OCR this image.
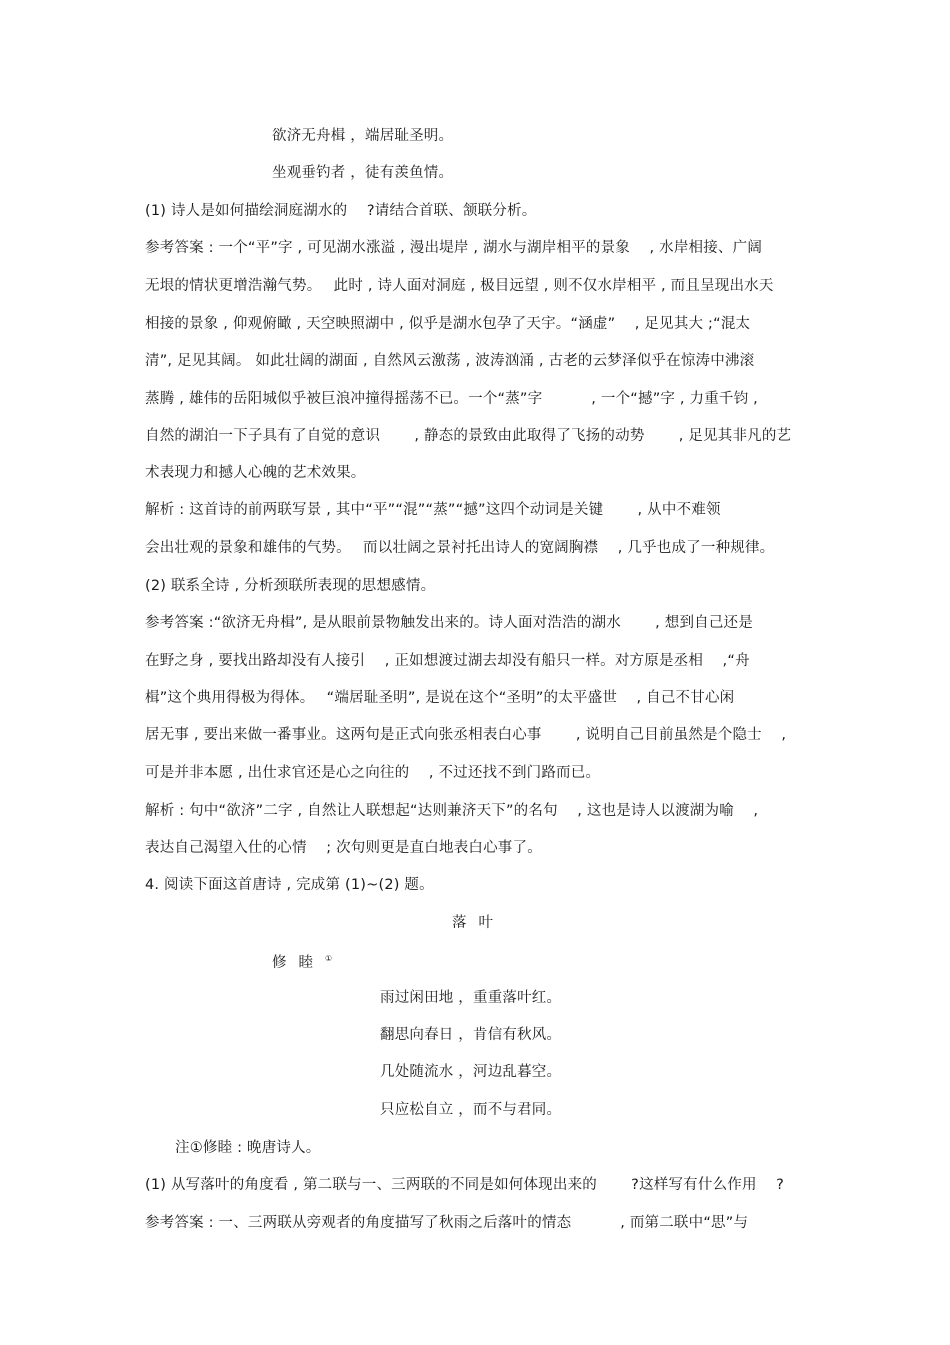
欲济无舟楫 ，端居耻圣明。
坐观垂钓者 ，徒有羡鱼情。
(1) 诗人是如何描绘洞庭湖水的　 ?请结合首联、颔联分析。
参考答案 : 一个“平”字 , 可见湖水涨溢 , 漫出堤岸 , 湖水与湖岸相平的景象　 , 水岸相接、广阔
无垠的情状更增浩瀚气势。　 此时 , 诗人面对洞庭 , 极目远望 , 则不仅水岸相平 , 而且呈现出水天
相接的景象 , 仰观俯瞰 , 天空映照湖中 , 似乎是湖水包孕了天宇。“涵虚”　 , 足见其大 ;“混太
清”, 足见其阔。 如此壮阔的湖面 , 自然风云激荡 , 波涛汹涌 , 古老的云梦泽似乎在惊涛中沸滚
蒸腾 , 雄伟的岳阳城似乎被巨浪冲撞得摇荡不已。一个“蒸”字　　　 , 一个“撼”字 , 力重千钧 ,
自然的湖泊一下子具有了自觉的意识　　 , 静态的景致由此取得了飞扬的动势　　 , 足见其非凡的艺
术表现力和撼人心魄的艺术效果。
解析 : 这首诗的前两联写景 , 其中“平”“混”“蒸”“撼”这四个动词是关键　　 , 从中不难领
会出壮观的景象和雄伟的气势。　 而以壮阔之景衬托出诗人的宽阔胸襟　 , 几乎也成了一种规律。
(2) 联系全诗 , 分析颈联所表现的思想感情。
参考答案 :“欲济无舟楫”, 是从眼前景物触发出来的。诗人面对浩浩的湖水　　 , 想到自己还是
在野之身 , 要找出路却没有人接引　 , 正如想渡过湖去却没有船只一样。对方原是丞相　 ,“舟
楫”这个典用得极为得体。　 “端居耻圣明”, 是说在这个“圣明”的太平盛世　 , 自己不甘心闲
居无事 , 要出来做一番事业。这两句是正式向张丞相表白心事　　 , 说明自己目前虽然是个隐士　 ,
可是并非本愿 , 出仕求官还是心之向往的　 , 不过还找不到门路而已。
解析 : 句中“欲济”二字 , 自然让人联想起“达则兼济天下”的名句　 , 这也是诗人以渡湖为喻　 ,
表达自己渴望入仕的心情　 ; 次句则更是直白地表白心事了。
4. 阅读下面这首唐诗 , 完成第 (1)~(2) 题。
落叶
修睦①
雨过闲田地 ，重重落叶红。
翻思向春日 ，肯信有秋风。
几处随流水 ，河边乱暮空。
只应松自立 ，而不与君同。
注①修睦 : 晚唐诗人。
(1) 从写落叶的角度看 , 第二联与一、三两联的不同是如何体现出来的　　 ?这样写有什么作用　 ?
参考答案 : 一、三两联从旁观者的角度描写了秋雨之后落叶的情态　　　 , 而第二联中“思”与
